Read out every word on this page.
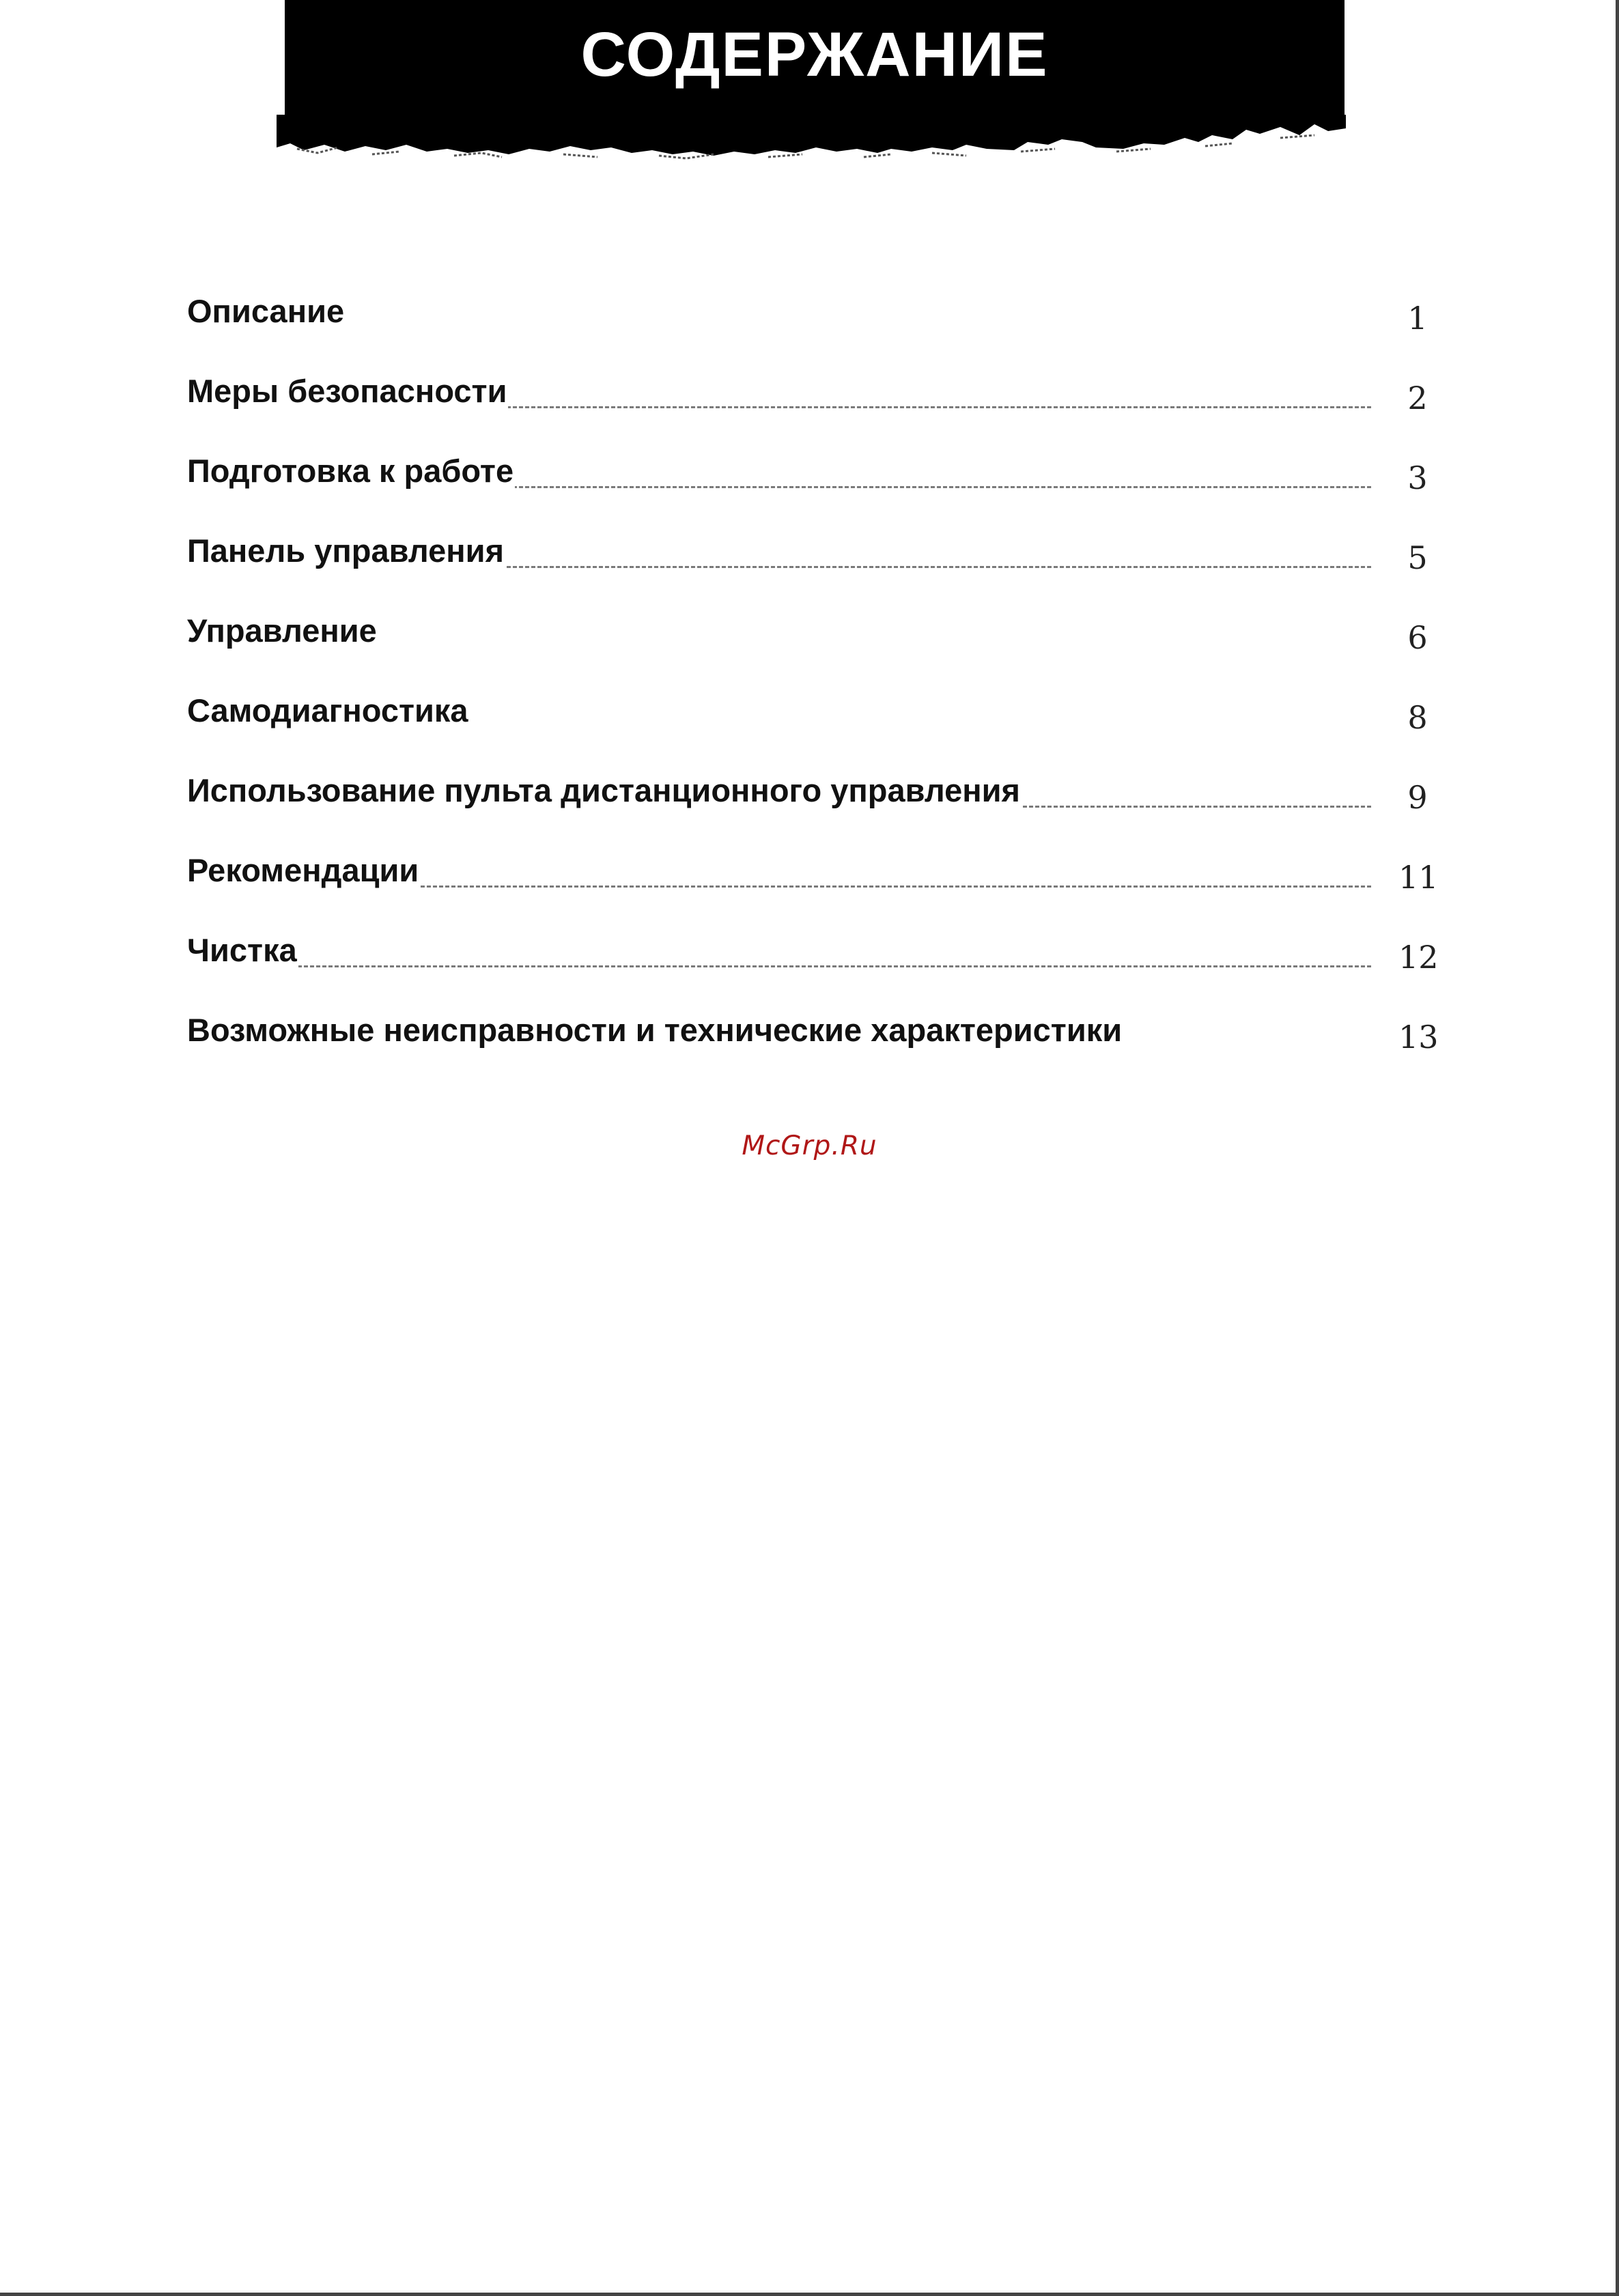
СОДЕРЖАНИЕ
Описание	1
Меры безопасности	2
Подготовка к работе	3
Панель управления	5
Управление	6
Самодиагностика	8
Использование пульта дистанционного управления	9
Рекомендации	11
Чистка	12
Возможные неисправности и технические характеристики	13
McGrp.Ru
